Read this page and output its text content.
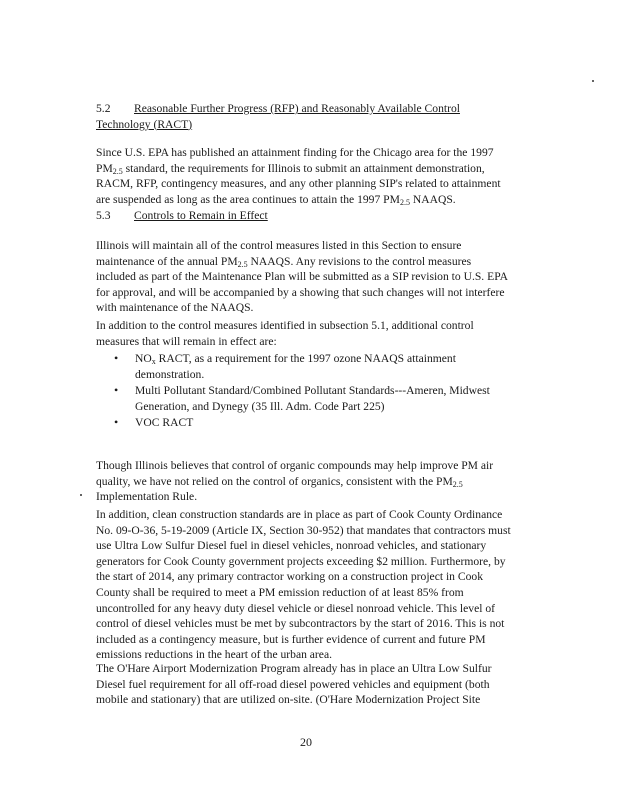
5.2 Reasonable Further Progress (RFP) and Reasonably Available Control
Technology (RACT)
Since U.S. EPA has published an attainment finding for the Chicago area for the 1997
$PM_{2.5}$ standard, the requirements for Illinois to submit an attainment demonstration,
RACM, RFP, contingency measures, and any other planning SIP's related to attainment
are suspended as long as the area continues to attain the 1997 $PM_{2.5}$ NAAQS.
5.3 Controls to Remain in Effect
Illinois will maintain all of the control measures listed in this Section to ensure
maintenance of the annual $PM_{2.5}$ NAAQS. Any revisions to the control measures
included as part of the Maintenance Plan will be submitted as a SIP revision to U.S. EPA
for approval, and will be accompanied by a showing that such changes will not interfere
with maintenance of the NAAQS.
In addition to the control measures identified in subsection 5.1, additional control
measures that will remain in effect are:
• $NO_x$ RACT, as a requirement for the 1997 ozone NAAQS attainment
demonstration.
• Multi Pollutant Standard/Combined Pollutant Standards---Ameren, Midwest
Generation, and Dynegy (35 Ill. Adm. Code Part 225)
• VOC RACT
Though Illinois believes that control of organic compounds may help improve PM air
quality, we have not relied on the control of organics, consistent with the $PM_{2.5}$
Implementation Rule.
In addition, clean construction standards are in place as part of Cook County Ordinance
No. 09-O-36, 5-19-2009 (Article IX, Section 30-952) that mandates that contractors must
use Ultra Low Sulfur Diesel fuel in diesel vehicles, nonroad vehicles, and stationary
generators for Cook County government projects exceeding $2 million. Furthermore, by
the start of 2014, any primary contractor working on a construction project in Cook
County shall be required to meet a PM emission reduction of at least 85% from
uncontrolled for any heavy duty diesel vehicle or diesel nonroad vehicle. This level of
control of diesel vehicles must be met by subcontractors by the start of 2016. This is not
included as a contingency measure, but is further evidence of current and future PM
emissions reductions in the heart of the urban area.
The O'Hare Airport Modernization Program already has in place an Ultra Low Sulfur
Diesel fuel requirement for all off-road diesel powered vehicles and equipment (both
mobile and stationary) that are utilized on-site. (O'Hare Modernization Project Site
20
